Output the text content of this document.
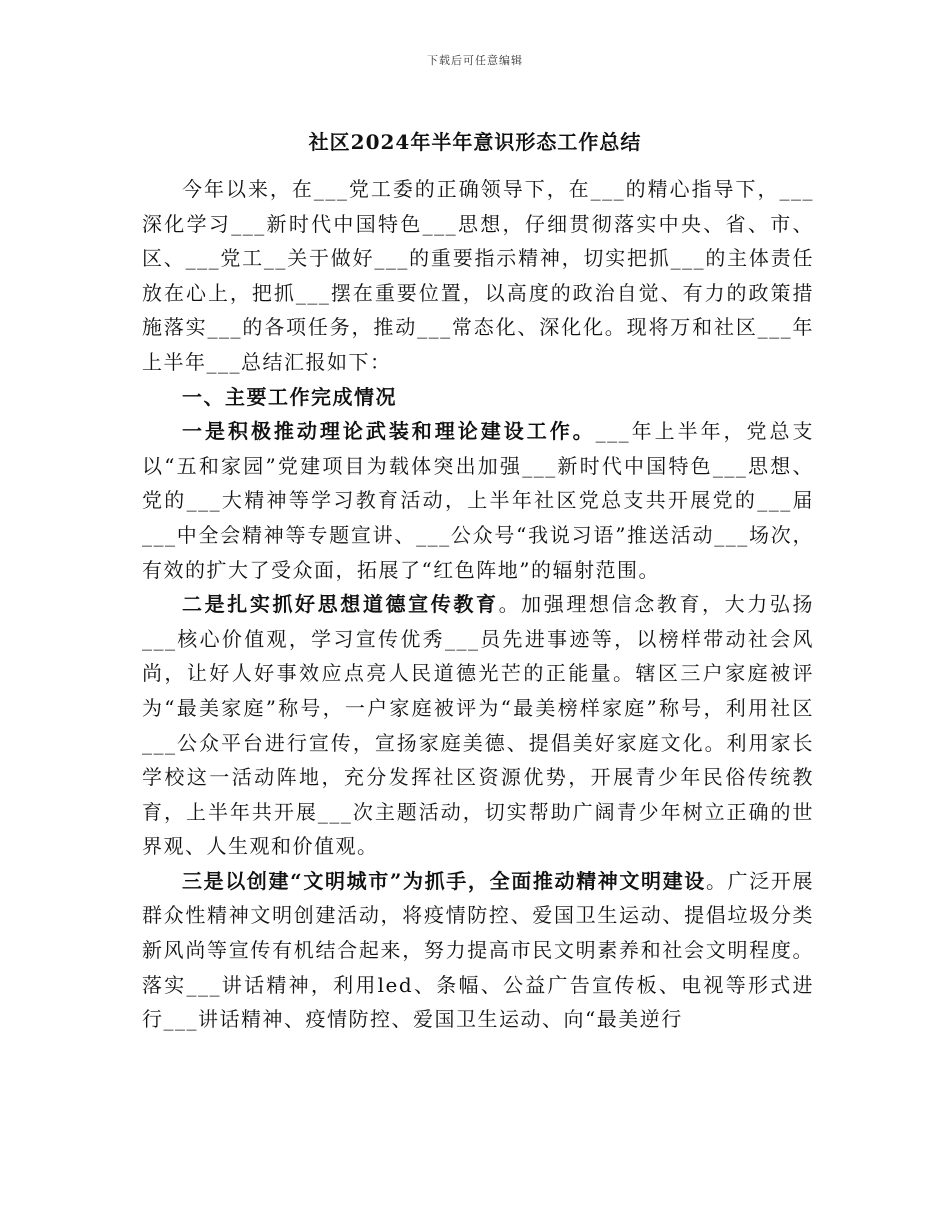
下载后可任意编辑
社区2024年半年意识形态工作总结

今年以来，在___党工委的正确领导下，在___的精心指导下，___深化学习___新时代中国特色___思想，仔细贯彻落实中央、省、市、区、___党工__关于做好___的重要指示精神，切实把抓___的主体责任放在心上，把抓___摆在重要位置，以高度的政治自觉、有力的政策措施落实___的各项任务，推动___常态化、深化化。现将万和社区___年上半年___总结汇报如下：

一、主要工作完成情况

一是积极推动理论武装和理论建设工作。___年上半年，党总支以“五和家园”党建项目为载体突出加强___新时代中国特色___思想、党的___大精神等学习教育活动，上半年社区党总支共开展党的___届___中全会精神等专题宣讲、___公众号“我说习语”推送活动___场次，有效的扩大了受众面，拓展了“红色阵地”的辐射范围。

二是扎实抓好思想道德宣传教育。加强理想信念教育，大力弘扬___核心价值观，学习宣传优秀___员先进事迹等，以榜样带动社会风尚，让好人好事效应点亮人民道德光芒的正能量。辖区三户家庭被评为“最美家庭”称号，一户家庭被评为“最美榜样家庭”称号，利用社区___公众平台进行宣传，宣扬家庭美德、提倡美好家庭文化。利用家长学校这一活动阵地，充分发挥社区资源优势，开展青少年民俗传统教育，上半年共开展___次主题活动，切实帮助广阔青少年树立正确的世界观、人生观和价值观。

三是以创建“文明城市”为抓手，全面推动精神文明建设。广泛开展群众性精神文明创建活动，将疫情防控、爱国卫生运动、提倡垃圾分类新风尚等宣传有机结合起来，努力提高市民文明素养和社会文明程度。落实___讲话精神，利用led、条幅、公益广告宣传板、电视等形式进行___讲话精神、疫情防控、爱国卫生运动、向“最美逆行
